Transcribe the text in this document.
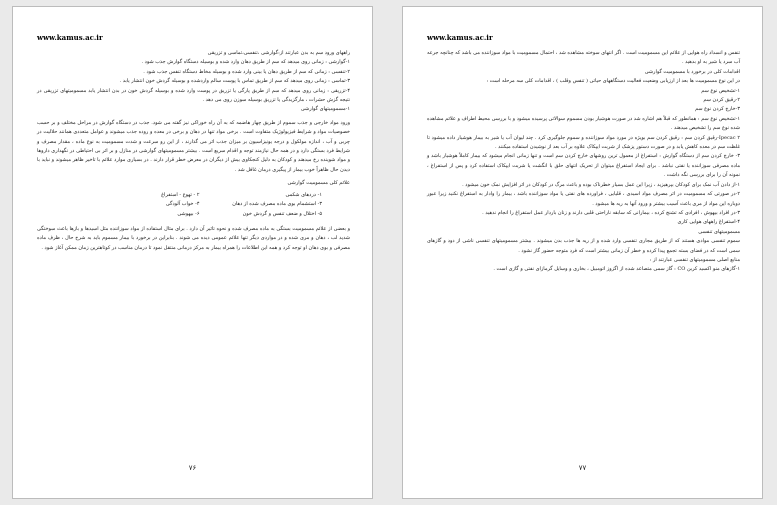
www.kamus.ac.ir

راههای ورود سم به بدن عبارتند از:گوارشی ،تنفسی،تماسی و تزریقی

۱-گوارشی : زمانی روی میدهد که سم از طریق دهان وارد شده و بوسیله دستگاه گوارش جذب شود .

۲-تنفسی : زمانی که سم از طریق دهان یا بینی وارد شده و بوسیله مخاط دستگاه تنفس جذب شود .

۳-تماسی : زمانی روی میدهد که سم از طریق تماس با پوست سالم واردشده و بوسیله گردش خون انتشار یابد .

۴-تزریقی : زمانی روی میدهد که سم از طریق پارگی یا تزریق در پوست وارد شده و بوسیله گردش خون در بدن انتشار یابد مسمومیتهای تزریقی در نتیجه گزش حشرات ، مارگزیدگی یا تزریق بوسیله سوزن روی می دهد .

۱-مسمومیتهای گوارشی

ورود مواد خارجی و جذب سموم از طریق چهار هاضمه که به آن راه خوراکی نیز گفته می شود. جذب در دستگاه گوارش در مراحل مختلف و بر حسب خصوصیات مواد و شرایط فیزیولوژیک متفاوت است . برخی مواد تنها در دهان و برخی در معده و روده جذب میشوند و عوامل متعددی همانند حلالیت در چربی و آب ، اندازه مولکول و درجه یونیزاسیون بر میزان جذب اثر می گذارند ، از این رو سرعت و شدت مسمومیت به نوع ماده ، مقدار مصرف و شرایط فرد بستگی دارد و در همه حال نیازمند توجه و اقدام سریع است . بیشتر مسمومیتهای گوارشی در منازل و بر اثر بی احتیاطی در نگهداری داروها و مواد شوینده رخ میدهند و کودکان به دلیل کنجکاوی بیش از دیگران در معرض خطر قرار دارند . در بسیاری موارد علائم با تاخیر ظاهر میشوند و نباید با دیدن حال ظاهراً خوب بیمار از پیگیری درمان غافل شد .

علائم کلی مسمومیت گوارشی

۱- دردهای شکمی
۲ - تهوع - استفراغ
۳- استشمام بوی ماده مصرف شده از دهان
۴- خواب آلودگی
۵- اختلال و ضعف تنفس و گردش خون
۶- بیهوشی

و بعضی از علائم مسمومیت بستگی به ماده مصرف شده و نحوه تاثیر آن دارد . برای مثال استفاده از مواد سوزاننده مثل اسیدها و بازها باعث سوختگی شدید لب ، دهان و مری شده و در مواردی دیگر تنها علائم عمومی دیده می شوند . بنابراین در برخورد با بیمار مسموم باید به شرح حال ، ظرف ماده مصرفی و بوی دهان او توجه کرد و همه این اطلاعات را همراه بیمار به مرکز درمانی منتقل نمود تا درمان مناسب در کوتاهترین زمان ممکن آغاز شود .

۷۶
www.kamus.ac.ir

تنفس و انسداد راه هوایی از علائم این مسمومیت است . اگر انتهای سوخته مشاهده شد ، احتمال مسمومیت با مواد سوزاننده می باشد که چنانچه جرعه آب سرد یا شیر به او بدهید .

اقدامات کلی در برخورد با مسمومیت گوارشی

در این نوع مسمومیت ها بعد از ارزیابی وضعیت فعالیت دستگاههای حیاتی ( تنفس وقلب ) ، اقدامات کلی سه مرحله است :

۱-تشخیص نوع سم

۲-رقیق کردن سم

۳-خارج کردن نوع سم

۱-تشخیص نوع سم : همانطور که قبلاً هم اشاره شد در صورت هوشیار بودن مسموم سوالاتی پرسیده میشود و با بررسی محیط اطراف و علائم مشاهده شده نوع سم را تشخیص میدهند .

Ipecac ۲-رقیق کردن سم : رقیق کردن سم بویژه در مورد مواد سوزاننده و سموم جلوگیری کرد . چند لیوان آب یا شیر به بیمار هوشیار داده میشود تا غلظت سم در معده کاهش یابد و در صورت دستور پزشک از شربت ایپکاک علاوه بر آب بعد از نوشیدن استفاده میکنند .

۳- خارج کردن سم از دستگاه گوارش : استفراغ از معمول ترین روشهای خارج کردن سم است و تنها زمانی انجام میشود که بیمار کاملاً هوشیار باشد و ماده مصرفی سوزاننده یا نفتی نباشد . برای ایجاد استفراغ میتوان از تحریک انتهای حلق با انگشت یا شربت ایپکاک استفاده کرد و پس از استفراغ ، نمونه آن را برای بررسی نگه داشت .

۱-از دادن آب نمک برای کودکان بپرهیزید ، زیرا این عمل بسیار خطرناک بوده و باعث مرگ در کودکان در اثر افزایش نمک خون میشود .

۲-در صورتی که مسمومیت در اثر مصرف مواد اسیدی ، قلیایی ، فراورده های نفتی یا مواد سوزاننده باشد ، بیمار را وادار به استفراغ نکنید زیرا عبور دوباره این مواد از مری باعث آسیب بیشتر و ورود آنها به ریه ها میشود .

۳-در افراد بیهوش ، افرادی که تشنج کرده ، بیمارانی که سابقه ناراحتی قلبی دارند و زنان باردار عمل استفراغ را انجام ندهید .

۴-استفراغ راههای هوایی کاری

مسمومیتهای تنفسی

سموم تنفسی موادی هستند که از طریق مجاری تنفسی وارد شده و از ریه ها جذب بدن میشوند . بیشتر مسمومیتهای تنفسی ناشی از دود و گازهای سمی است که در فضای بسته تجمع پیدا کرده و خطر آن زمانی بیشتر است که فرد متوجه حضور گاز نشود .

منابع اصلی مسمومیتهای تنفسی عبارتند از :

۱-گازهای منو اکسید کربن CO : گاز سمی متصاعد شده از اگزوز اتومبیل ، بخاری و وسایل گرمازای نفتی و گازی است .

۷۷
